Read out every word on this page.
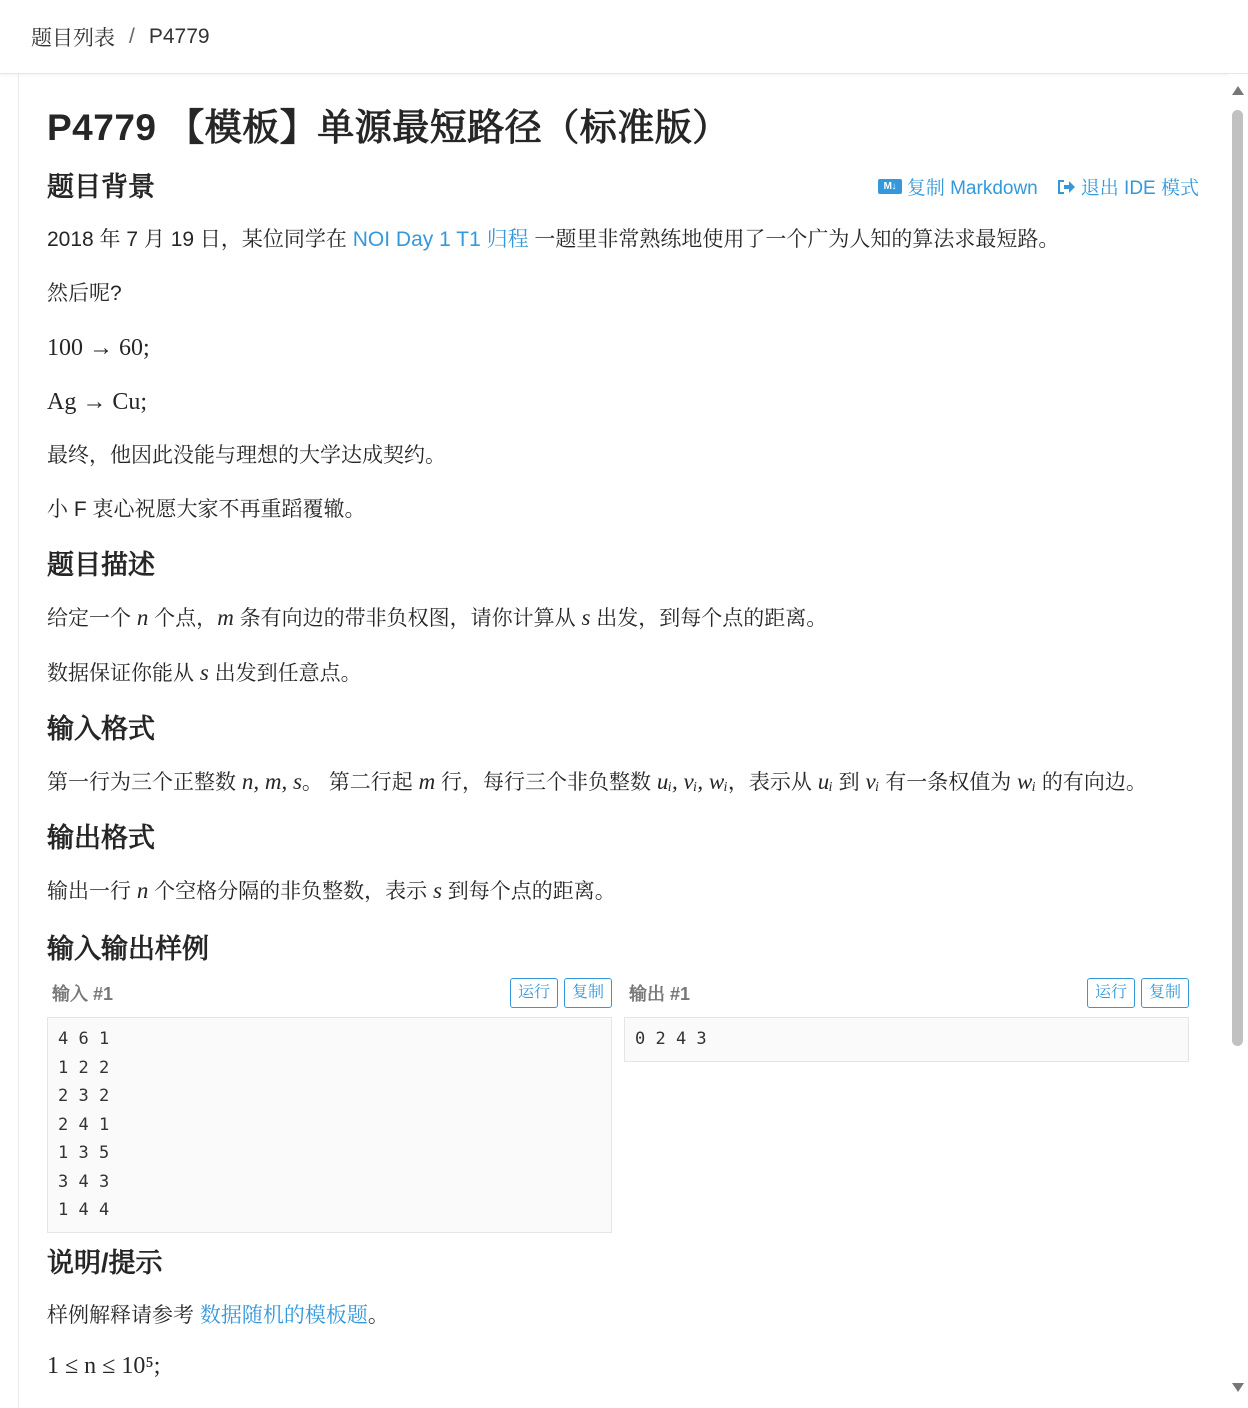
题目列表 / P4779
P4779 【模板】单源最短路径（标准版）
题目背景	M↓ 复制 Markdown 退出 IDE 模式

2018 年 7 月 19 日，某位同学在 NOI Day 1 T1 归程 一题里非常熟练地使用了一个广为人知的算法求最短路。

然后呢?

100 → 60;

Ag → Cu;

最终，他因此没能与理想的大学达成契约。

小 F 衷心祝愿大家不再重蹈覆辙。

题目描述

给定一个 n 个点，m 条有向边的带非负权图，请你计算从 s 出发，到每个点的距离。

数据保证你能从 s 出发到任意点。

输入格式

第一行为三个正整数 n, m, s。 第二行起 m 行，每行三个非负整数 uᵢ, vᵢ, wᵢ，表示从 uᵢ 到 vᵢ 有一条权值为 wᵢ 的有向边。

输出格式

输出一行 n 个空格分隔的非负整数，表示 s 到每个点的距离。

输入输出样例
输入 #1	运行	复制
4 6 1
1 2 2
2 3 2
2 4 1
1 3 5
3 4 3
1 4 4
输出 #1	运行	复制
0 2 4 3
说明/提示

样例解释请参考 数据随机的模板题。

1 ≤ n ≤ 10⁵;
